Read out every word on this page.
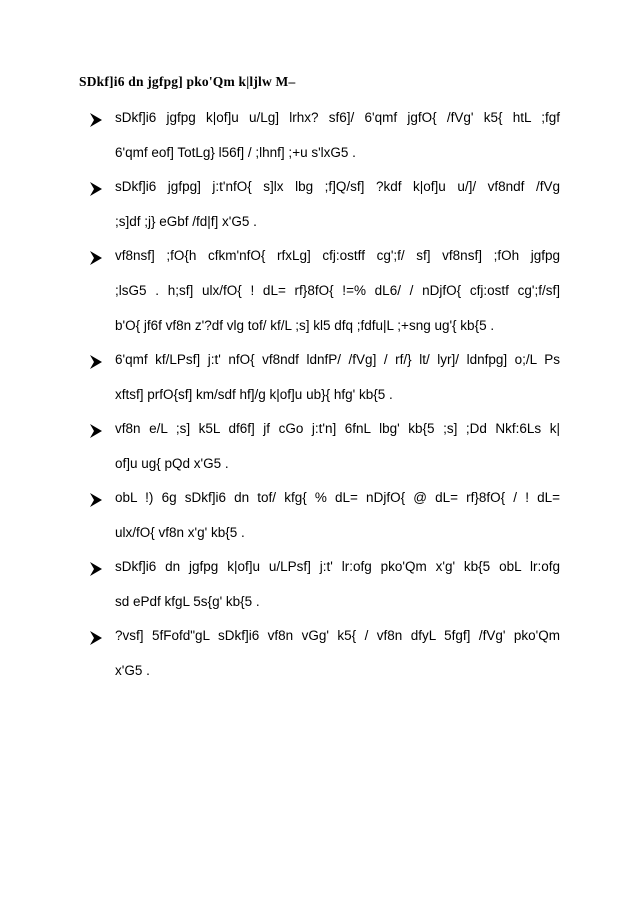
SDkf]i6 dn jgfpg] pko'Qm k|ljlw M–
sDkf]i6 jgfpg k|of]u u/Lg] lrhx? sf6]/ 6'qmf jgfO{ /fVg' k5{ htL ;fgf
6'qmf eof] TotLg} l56f] / ;lhnf] ;+u s'lxG5 .
sDkf]i6 jgfpg] j:t'nfO{ s]lx lbg ;f]Q/sf] ?kdf k|of]u u/]/ vf8ndf /fVg
;s]df ;j} eGbf /fd|f] x'G5 .
vf8nsf] ;fO{h cfkm'nfO{ rfxLg] cfj:ostff cg';f/ sf] vf8nsf] ;fOh jgfpg
;lsG5 . h;sf] ulx/fO{ ! dL= rf}8fO{ !=% dL6/ / nDjfO{ cfj:ostf cg';f/sf]
b'O{ jf6f vf8n z'?df vlg tof/ kf/L ;s] kl5 dfq ;fdfu|L ;+sng ug'{ kb{5 .
6'qmf kf/LPsf] j:t' nfO{ vf8ndf ldnfP/ /fVg] / rf/} lt/ lyr]/ ldnfpg] o;/L Ps
xftsf] prfO{sf] km/sdf hf]/g k|of]u ub}{ hfg' kb{5 .
vf8n e/L ;s] k5L df6f] jf cGo j:t'n] 6fnL lbg' kb{5 ;s] ;Dd Nkf:6Ls k|
of]u ug{ pQd x'G5 .
obL !) 6g sDkf]i6 dn tof/ kfg{ % dL= nDjfO{ @ dL= rf}8fO{ / ! dL=
ulx/fO{ vf8n x'g' kb{5 .
sDkf]i6 dn jgfpg k|of]u u/LPsf] j:t' lr:ofg pko'Qm x'g' kb{5 obL lr:ofg
sd ePdf kfgL 5s{g' kb{5 .
?vsf] 5fFofd"gL sDkf]i6 vf8n vGg' k5{ / vf8n dfyL 5fgf] /fVg' pko'Qm
x'G5 .
